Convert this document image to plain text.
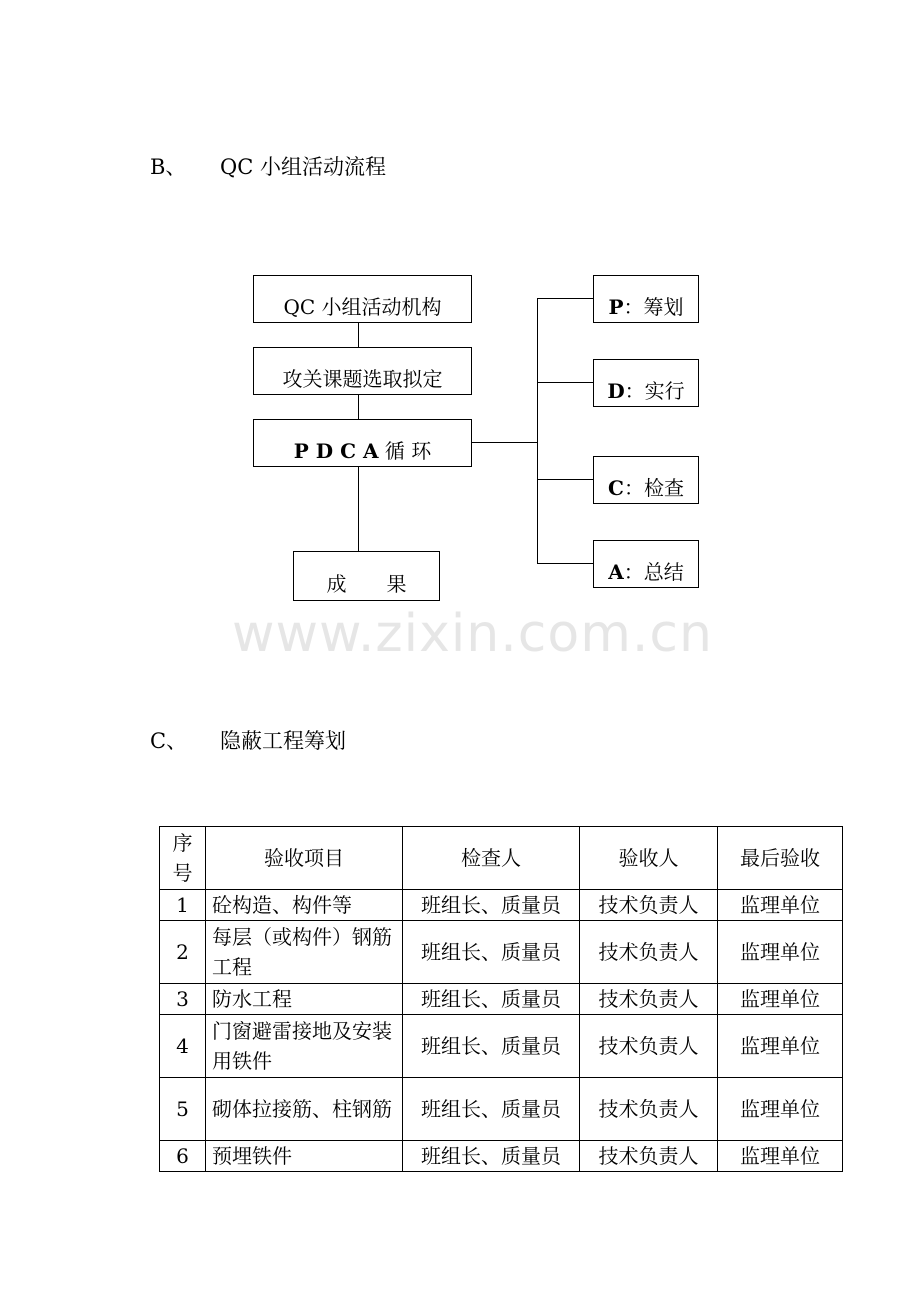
B、 QC 小组活动流程
QC 小组活动机构
攻关课题选取拟定
P D C A 循 环
成　　果
P：筹划
D：实行
C：检查
A：总结
www.zixin.com.cn
C、 隐蔽工程筹划
序号	验收项目	检查人	验收人	最后验收
1	砼构造、构件等	班组长、质量员	技术负责人	监理单位
2	每层（或构件）钢筋工程	班组长、质量员	技术负责人	监理单位
3	防水工程	班组长、质量员	技术负责人	监理单位
4	门窗避雷接地及安装用铁件	班组长、质量员	技术负责人	监理单位
5	砌体拉接筋、柱钢筋	班组长、质量员	技术负责人	监理单位
6	预埋铁件	班组长、质量员	技术负责人	监理单位
